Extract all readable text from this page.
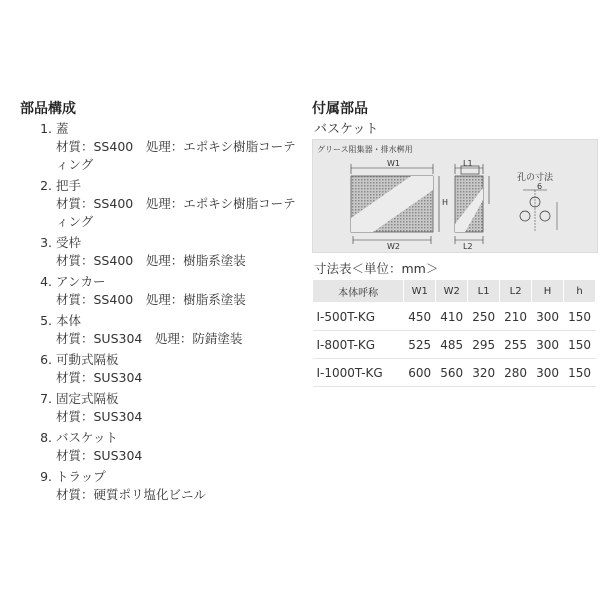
部品構成
1. 蓋
材質：SS400　処理：エポキシ樹脂コーティング
2. 把手
材質：SS400　処理：エポキシ樹脂コーティング
3. 受枠
材質：SS400　処理：樹脂系塗装
4. アンカー
材質：SS400　処理：樹脂系塗装
5. 本体
材質：SUS304　処理：防錆塗装
6. 可動式隔板
材質：SUS304
7. 固定式隔板
材質：SUS304
8. バスケット
材質：SUS304
9. トラップ
材質：硬質ポリ塩化ビニル
付属部品
バスケット
グリース阻集器・排水桝用
W1
W2
L1
L2
H
孔の寸法
6
寸法表＜単位：mm＞
本体呼称	W1	W2	L1	L2	H	h
I-500T-KG	450	410	250	210	300	150
I-800T-KG	525	485	295	255	300	150
I-1000T-KG	600	560	320	280	300	150
